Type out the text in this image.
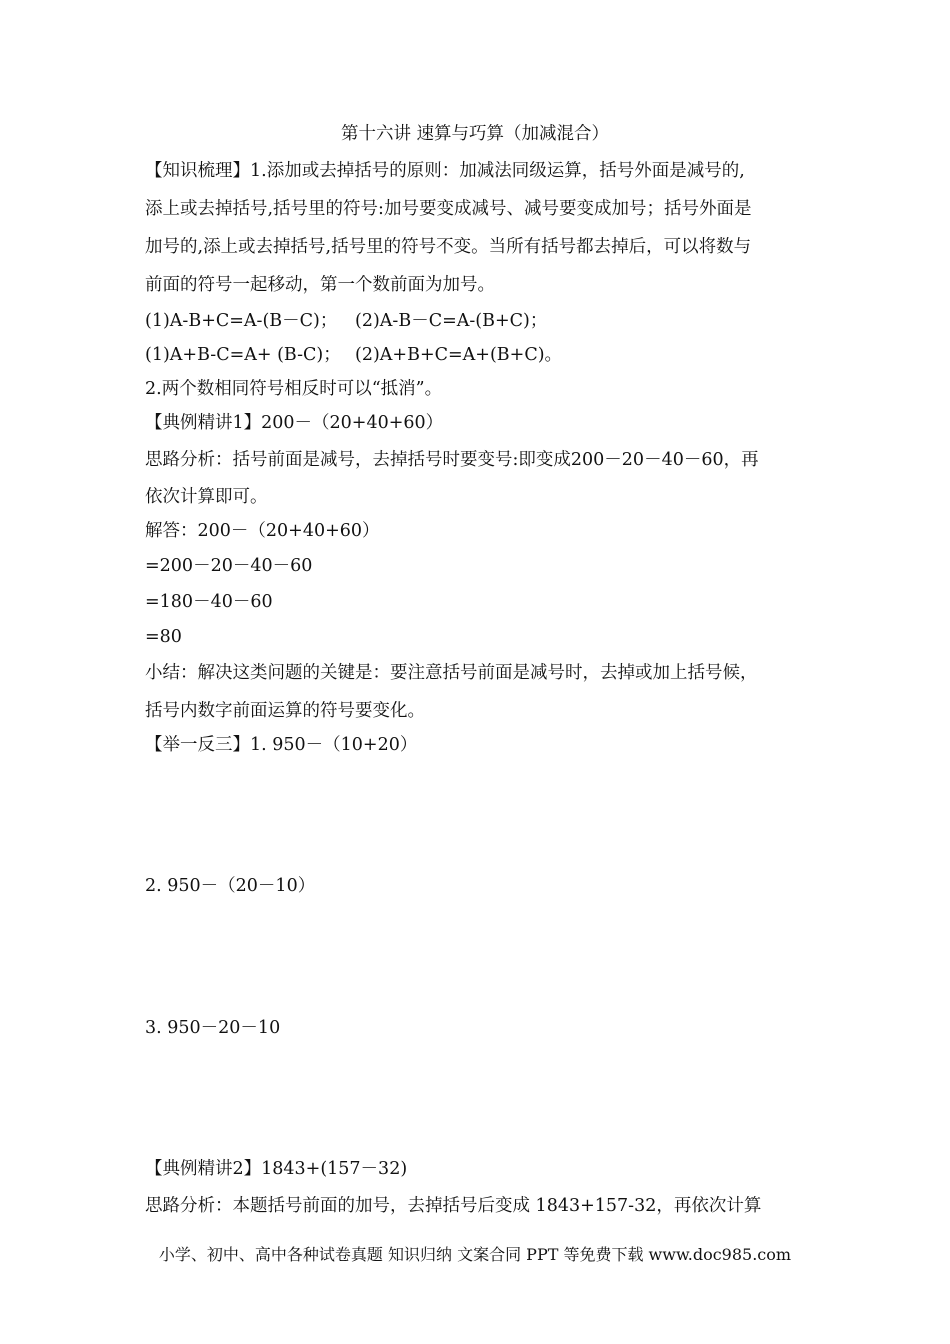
第十六讲 速算与巧算（加减混合）
【知识梳理】1.添加或去掉括号的原则：加减法同级运算，括号外面是减号的,
添上或去掉括号,括号里的符号:加号要变成减号、减号要变成加号；括号外面是
加号的,添上或去掉括号,括号里的符号不变。当所有括号都去掉后，可以将数与
前面的符号一起移动，第一个数前面为加号。
(1)A-B+C=A-(B－C)； (2)A-B－C=A-(B+C)；
(1)A+B-C=A+ (B-C)； (2)A+B+C=A+(B+C)。
2.两个数相同符号相反时可以“抵消”。
【典例精讲1】200－（20+40+60）
思路分析：括号前面是减号，去掉括号时要变号:即变成200－20－40－60，再
依次计算即可。
解答：200－（20+40+60）
=200－20－40－60
=180－40－60
=80
小结：解决这类问题的关键是：要注意括号前面是减号时，去掉或加上括号候，
括号内数字前面运算的符号要变化。
【举一反三】1. 950－（10+20）
2. 950－（20－10）
3. 950－20－10
【典例精讲2】1843+(157－32)
思路分析：本题括号前面的加号，去掉括号后变成 1843+157-32，再依次计算
小学、初中、高中各种试卷真题 知识归纳 文案合同 PPT 等免费下载 www.doc985.com
